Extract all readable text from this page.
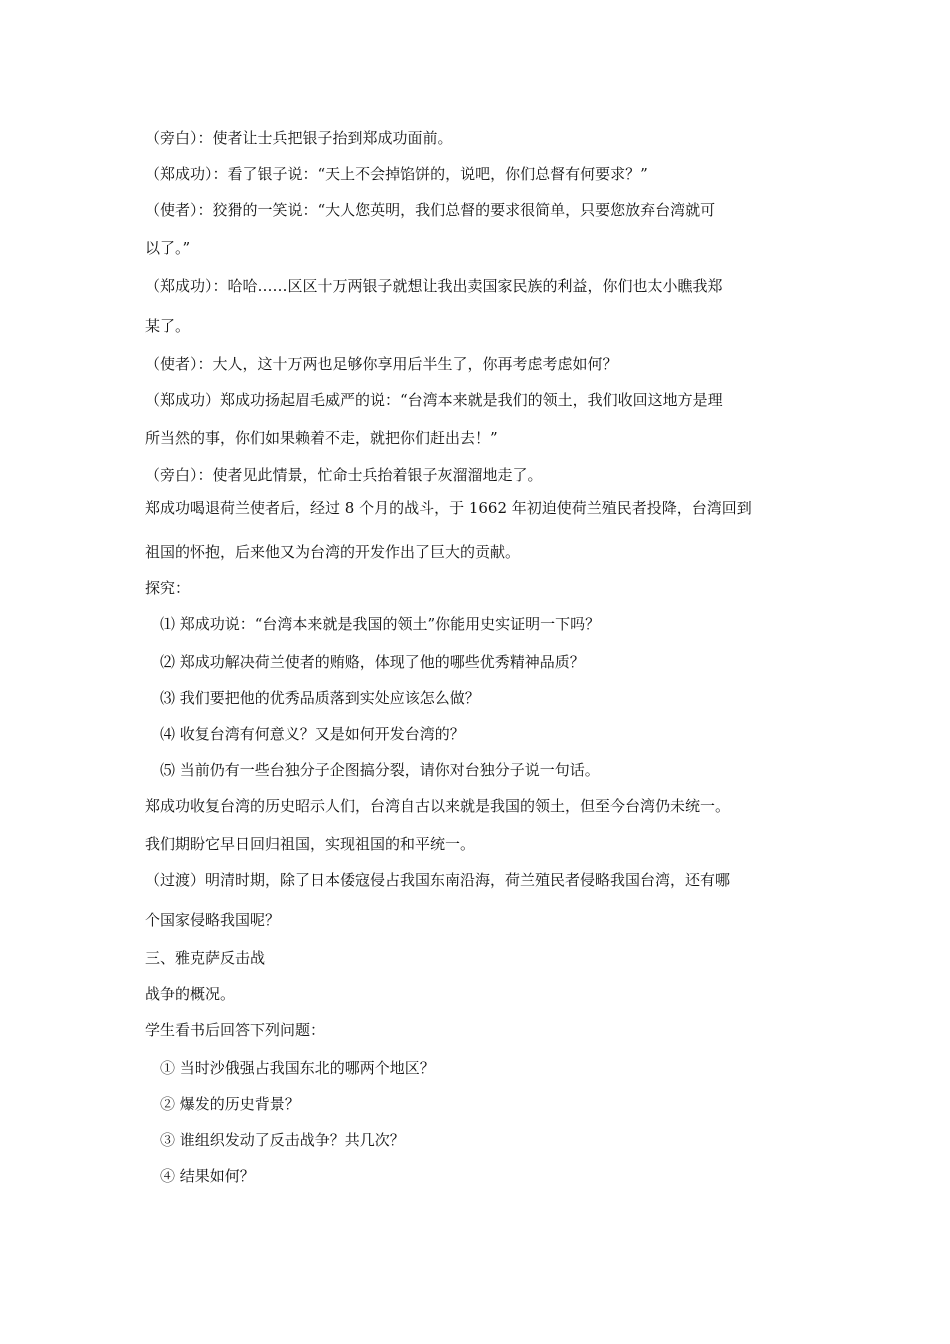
（旁白）：使者让士兵把银子抬到郑成功面前。
（郑成功）：看了银子说：“天上不会掉馅饼的，说吧，你们总督有何要求？”
（使者）：狡猾的一笑说：“大人您英明，我们总督的要求很简单，只要您放弃台湾就可
以了。”
（郑成功）：哈哈……区区十万两银子就想让我出卖国家民族的利益，你们也太小瞧我郑
某了。
（使者）：大人，这十万两也足够你享用后半生了，你再考虑考虑如何？
（郑成功）郑成功扬起眉毛威严的说：“台湾本来就是我们的领土，我们收回这地方是理
所当然的事，你们如果赖着不走，就把你们赶出去！”
（旁白）：使者见此情景，忙命士兵抬着银子灰溜溜地走了。
郑成功喝退荷兰使者后，经过 8 个月的战斗，于 1662 年初迫使荷兰殖民者投降，台湾回到
祖国的怀抱，后来他又为台湾的开发作出了巨大的贡献。
探究：
⑴ 郑成功说：“台湾本来就是我国的领土”你能用史实证明一下吗？
⑵ 郑成功解决荷兰使者的贿赂，体现了他的哪些优秀精神品质？
⑶ 我们要把他的优秀品质落到实处应该怎么做？
⑷ 收复台湾有何意义？又是如何开发台湾的？
⑸ 当前仍有一些台独分子企图搞分裂，请你对台独分子说一句话。
郑成功收复台湾的历史昭示人们，台湾自古以来就是我国的领土，但至今台湾仍未统一。
我们期盼它早日回归祖国，实现祖国的和平统一。
（过渡）明清时期，除了日本倭寇侵占我国东南沿海，荷兰殖民者侵略我国台湾，还有哪
个国家侵略我国呢？
三、雅克萨反击战
战争的概况。
学生看书后回答下列问题：
① 当时沙俄强占我国东北的哪两个地区？
② 爆发的历史背景？
③ 谁组织发动了反击战争？共几次？
④ 结果如何？
